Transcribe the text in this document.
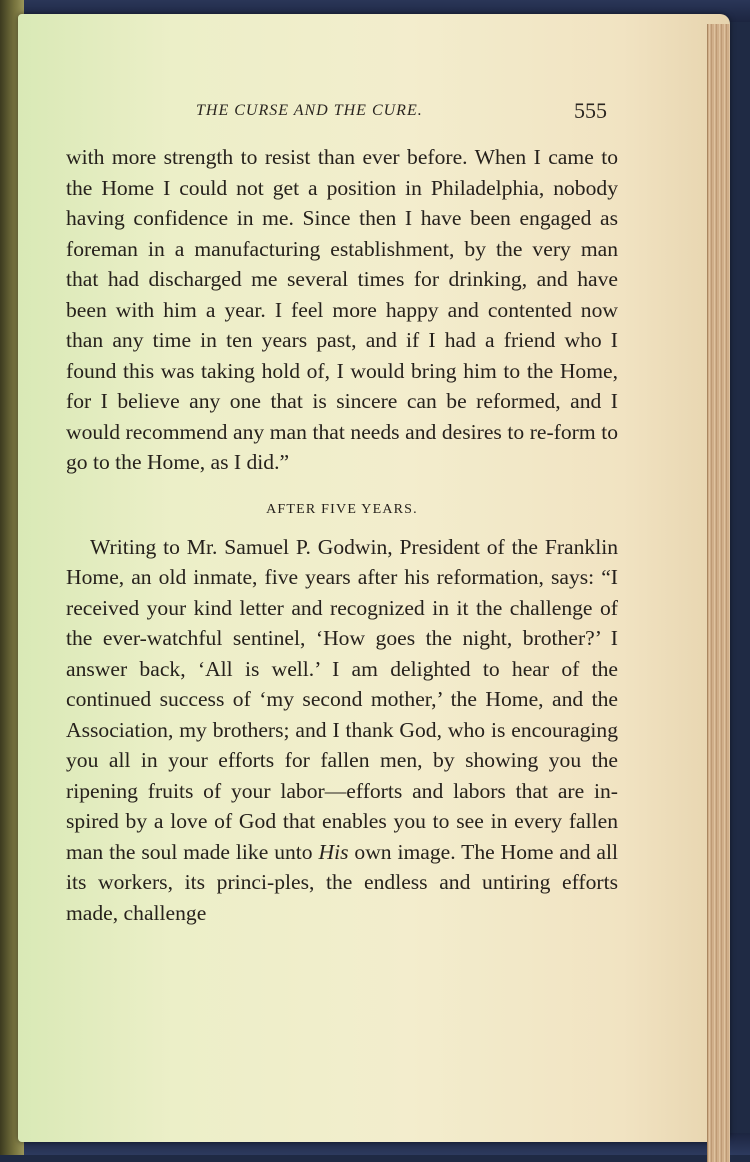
THE CURSE AND THE CURE.	555

with more strength to resist than ever before. When I came to the Home I could not get a position in Philadelphia, nobody having confidence in me. Since then I have been engaged as foreman in a manufacturing establishment, by the very man that had discharged me several times for drinking, and have been with him a year. I feel more happy and contented now than any time in ten years past, and if I had a friend who I found this was taking hold of, I would bring him to the Home, for I believe any one that is sincere can be reformed, and I would recommend any man that needs and desires to re-form to go to the Home, as I did.”

AFTER FIVE YEARS.

Writing to Mr. Samuel P. Godwin, President of the Franklin Home, an old inmate, five years after his reformation, says: “I received your kind letter and recognized in it the challenge of the ever-watchful sentinel, ‘How goes the night, brother?’ I answer back, ‘All is well.’ I am delighted to hear of the continued success of ‘my second mother,’ the Home, and the Association, my brothers; and I thank God, who is encouraging you all in your efforts for fallen men, by showing you the ripening fruits of your labor—efforts and labors that are in-spired by a love of God that enables you to see in every fallen man the soul made like unto His own image. The Home and all its workers, its princi-ples, the endless and untiring efforts made, challenge
